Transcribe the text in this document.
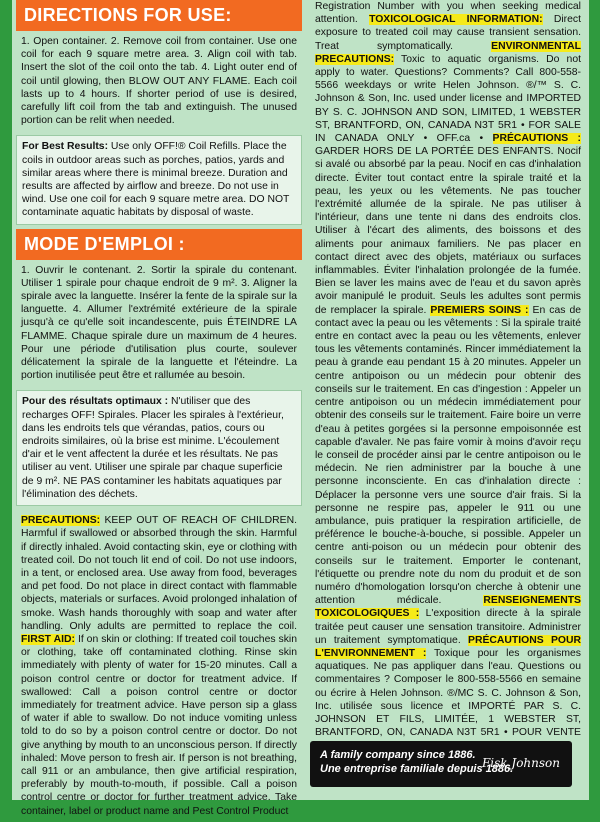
DIRECTIONS FOR USE:
1. Open container. 2. Remove coil from container. Use one coil for each 9 square metre area. 3. Align coil with tab. Insert the slot of the coil onto the tab. 4. Light outer end of coil until glowing, then BLOW OUT ANY FLAME. Each coil lasts up to 4 hours. If shorter period of use is desired, carefully lift coil from the tab and extinguish. The unused portion can be relit when needed.
For Best Results: Use only OFF!® Coil Refills. Place the coils in outdoor areas such as porches, patios, yards and similar areas where there is minimal breeze. Duration and results are affected by airflow and breeze. Do not use in wind. Use one coil for each 9 square metre area. DO NOT contaminate aquatic habitats by disposal of waste.
MODE D'EMPLOI :
1. Ouvrir le contenant. 2. Sortir la spirale du contenant. Utiliser 1 spirale pour chaque endroit de 9 m². 3. Aligner la spirale avec la languette. Insérer la fente de la spirale sur la languette. 4. Allumer l'extrémité extérieure de la spirale jusqu'à ce qu'elle soit incandescente, puis ÉTEINDRE LA FLAMME. Chaque spirale dure un maximum de 4 heures. Pour une période d'utilisation plus courte, soulever délicatement la spirale de la languette et l'éteindre. La portion inutilisée peut être et rallumée au besoin.
Pour des résultats optimaux : N'utiliser que des recharges OFF! Spirales. Placer les spirales à l'extérieur, dans les endroits tels que vérandas, patios, cours ou endroits similaires, où la brise est minime. L'écoulement d'air et le vent affectent la durée et les résultats. Ne pas utiliser au vent. Utiliser une spirale par chaque superficie de 9 m². NE PAS contaminer les habitats aquatiques par l'élimination des déchets.
PRECAUTIONS: KEEP OUT OF REACH OF CHILDREN. Harmful if swallowed or absorbed through the skin. Harmful if directly inhaled. Avoid contacting skin, eye or clothing with treated coil. Do not touch lit end of coil. Do not use indoors, in a tent, or enclosed area. Use away from food, beverages and pet food. Do not place in direct contact with flammable objects, materials or surfaces. Avoid prolonged inhalation of smoke. Wash hands thoroughly with soap and water after handling. Only adults are permitted to replace the coil. FIRST AID: If on skin or clothing: If treated coil touches skin or clothing, take off contaminated clothing. Rinse skin immediately with plenty of water for 15-20 minutes. Call a poison control centre or doctor for treatment advice. If swallowed: Call a poison control centre or doctor immediately for treatment advice. Have person sip a glass of water if able to swallow. Do not induce vomiting unless told to do so by a poison control centre or doctor. Do not give anything by mouth to an unconscious person. If directly inhaled: Move person to fresh air. If person is not breathing, call 911 or an ambulance, then give artificial respiration, preferably by mouth-to-mouth, if possible. Call a poison control centre or doctor for further treatment advice. Take container, label or product name and Pest Control Product
Registration Number with you when seeking medical attention. TOXICOLOGICAL INFORMATION: Direct exposure to treated coil may cause transient sensation. Treat symptomatically. ENVIRONMENTAL PRECAUTIONS: Toxic to aquatic organisms. Do not apply to water. Questions? Comments? Call 800-558-5566 weekdays or write Helen Johnson. ®/™ S. C. Johnson & Son, Inc. used under license and IMPORTED BY S. C. JOHNSON AND SON, LIMITED, 1 WEBSTER ST, BRANTFORD, ON, CANADA N3T 5R1 • FOR SALE IN CANADA ONLY • OFF.ca • PRÉCAUTIONS : GARDER HORS DE LA PORTÉE DES ENFANTS. Nocif si avalé ou absorbé par la peau. Nocif en cas d'inhalation directe. Éviter tout contact entre la spirale traité et la peau, les yeux ou les vêtements. Ne pas toucher l'extrémité allumée de la spirale. Ne pas utiliser à l'intérieur, dans une tente ni dans des endroits clos. Utiliser à l'écart des aliments, des boissons et des aliments pour animaux familiers. Ne pas placer en contact direct avec des objets, matériaux ou surfaces inflammables. Éviter l'inhalation prolongée de la fumée. Bien se laver les mains avec de l'eau et du savon après avoir manipulé le produit. Seuls les adultes sont permis de remplacer la spirale. PREMIERS SOINS : En cas de contact avec la peau ou les vêtements : Si la spirale traité entre en contact avec la peau ou les vêtements, enlever tous les vêtements contaminés. Rincer immédiatement la peau à grande eau pendant 15 à 20 minutes. Appeler un centre antipoison ou un médecin pour obtenir des conseils sur le traitement. En cas d'ingestion : Appeler un centre antipoison ou un médecin immédiatement pour obtenir des conseils sur le traitement. Faire boire un verre d'eau à petites gorgées si la personne empoisonnée est capable d'avaler. Ne pas faire vomir à moins d'avoir reçu le conseil de procéder ainsi par le centre antipoison ou le médecin. Ne rien administrer par la bouche à une personne inconsciente. En cas d'inhalation directe : Déplacer la personne vers une source d'air frais. Si la personne ne respire pas, appeler le 911 ou une ambulance, puis pratiquer la respiration artificielle, de préférence le bouche-à-bouche, si possible. Appeler un centre anti-poison ou un médecin pour obtenir des conseils sur le traitement. Emporter le contenant, l'étiquette ou prendre note du nom du produit et de son numéro d'homologation lorsqu'on cherche à obtenir une attention médicale. RENSEIGNEMENTS TOXICOLOGIQUES : L'exposition directe à la spirale traitée peut causer une sensation transitoire. Administrer un traitement symptomatique. PRÉCAUTIONS POUR L'ENVIRONNEMENT : Toxique pour les organismes aquatiques. Ne pas appliquer dans l'eau. Questions ou commentaires ? Composer le 800-558-5566 en semaine ou écrire à Helen Johnson. ®/MC S. C. Johnson & Son, Inc. utilisée sous licence et IMPORTÉ PAR S. C. JOHNSON ET FILS, LIMITÉE, 1 WEBSTER ST, BRANTFORD, ON, CANADA N3T 5R1 • POUR VENTE
A family company since 1886.
Une entreprise familiale depuis 1886.
Fisk Johnson
